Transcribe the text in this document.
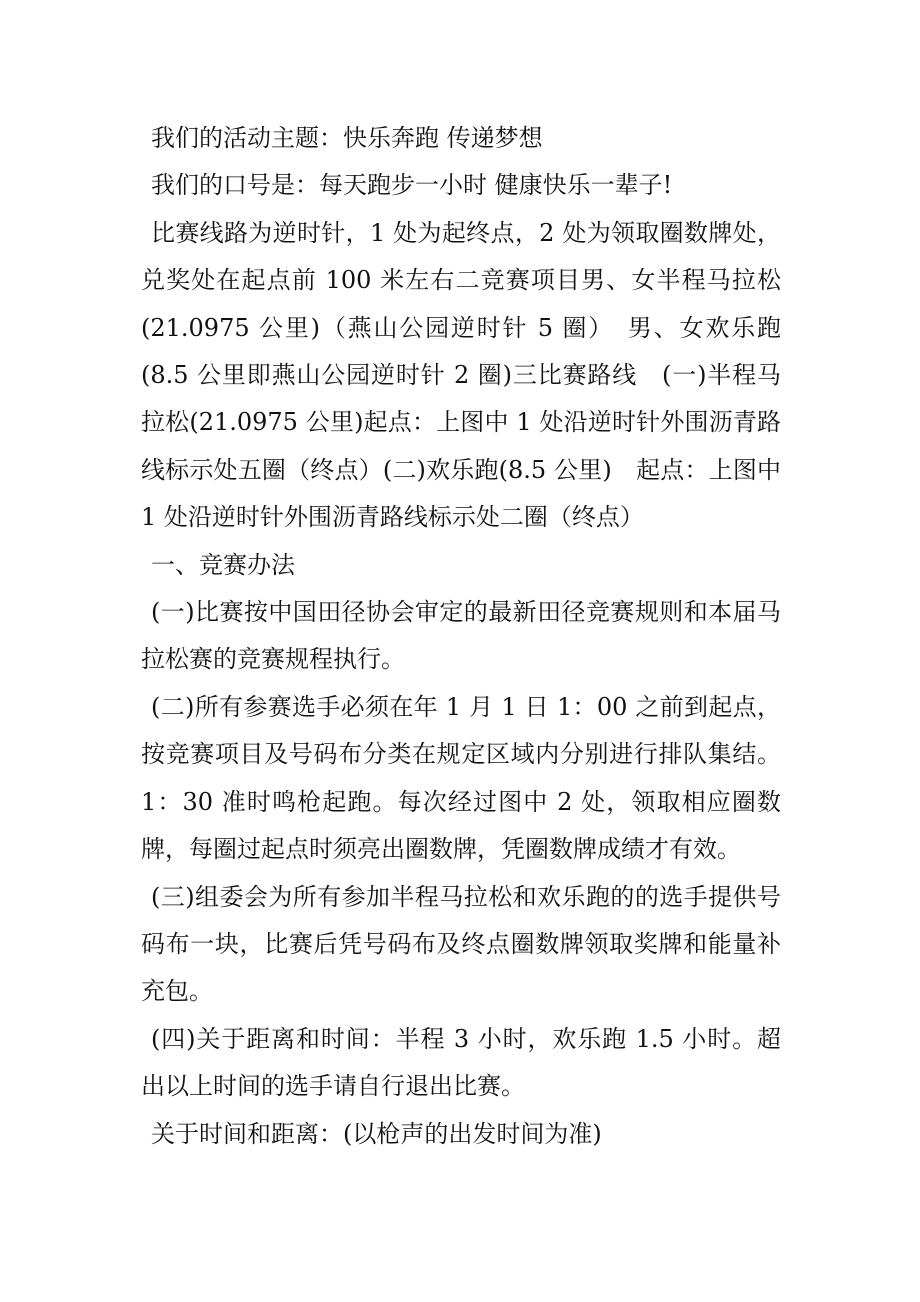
我们的活动主题：快乐奔跑 传递梦想

我们的口号是：每天跑步一小时 健康快乐一辈子!

比赛线路为逆时针，1 处为起终点，2 处为领取圈数牌处，兑奖处在起点前 100 米左右二竞赛项目男、女半程马拉松(21.0975 公里)（燕山公园逆时针 5 圈）　男、女欢乐跑(8.5 公里即燕山公园逆时针 2 圈)三比赛路线　(一)半程马拉松(21.0975 公里)起点：上图中 1 处沿逆时针外围沥青路线标示处五圈（终点）(二)欢乐跑(8.5 公里)　起点：上图中 1 处沿逆时针外围沥青路线标示处二圈（终点）

一、竞赛办法

(一)比赛按中国田径协会审定的最新田径竞赛规则和本届马拉松赛的竞赛规程执行。

(二)所有参赛选手必须在年 1 月 1 日 1：00 之前到起点，按竞赛项目及号码布分类在规定区域内分别进行排队集结。1：30 准时鸣枪起跑。每次经过图中 2 处，领取相应圈数牌，每圈过起点时须亮出圈数牌，凭圈数牌成绩才有效。

(三)组委会为所有参加半程马拉松和欢乐跑的的选手提供号码布一块，比赛后凭号码布及终点圈数牌领取奖牌和能量补充包。

(四)关于距离和时间：半程 3 小时，欢乐跑 1.5 小时。超出以上时间的选手请自行退出比赛。

关于时间和距离：(以枪声的出发时间为准)
